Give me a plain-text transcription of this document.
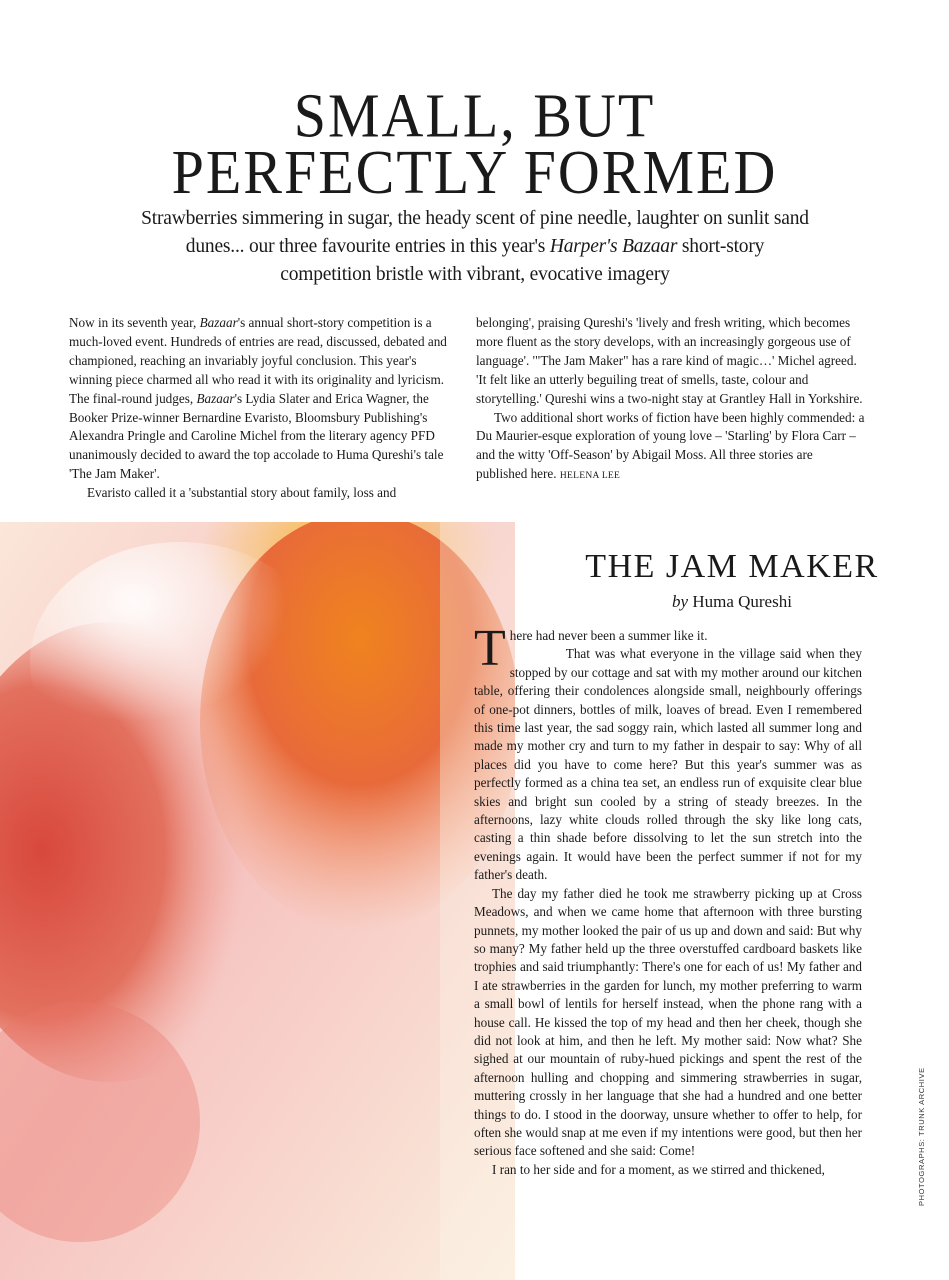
SMALL, BUT
PERFECTLY FORMED

Strawberries simmering in sugar, the heady scent of pine needle, laughter on sunlit sand dunes... our three favourite entries in this year's Harper's Bazaar short-story competition bristle with vibrant, evocative imagery

Now in its seventh year, Bazaar's annual short-story competition is a much-loved event. Hundreds of entries are read, discussed, debated and championed, reaching an invariably joyful conclusion. This year's winning piece charmed all who read it with its originality and lyricism. The final-round judges, Bazaar's Lydia Slater and Erica Wagner, the Booker Prize-winner Bernardine Evaristo, Bloomsbury Publishing's Alexandra Pringle and Caroline Michel from the literary agency PFD unanimously decided to award the top accolade to Huma Qureshi's tale 'The Jam Maker'.

Evaristo called it a 'substantial story about family, loss and

belonging', praising Qureshi's 'lively and fresh writing, which becomes more fluent as the story develops, with an increasingly gorgeous use of language'. '"The Jam Maker" has a rare kind of magic…' Michel agreed. 'It felt like an utterly beguiling treat of smells, taste, colour and storytelling.' Qureshi wins a two-night stay at Grantley Hall in Yorkshire.

Two additional short works of fiction have been highly commended: a Du Maurier-esque exploration of young love – 'Starling' by Flora Carr – and the witty 'Off-Season' by Abigail Moss. All three stories are published here. HELENA LEE

THE JAM MAKER

by Huma Qureshi

There had never been a summer like it.

That was what everyone in the village said when they stopped by our cottage and sat with my mother around our kitchen table, offering their condolences alongside small, neighbourly offerings of one-pot dinners, bottles of milk, loaves of bread. Even I remembered this time last year, the sad soggy rain, which lasted all summer long and made my mother cry and turn to my father in despair to say: Why of all places did you have to come here? But this year's summer was as perfectly formed as a china tea set, an endless run of exquisite clear blue skies and bright sun cooled by a string of steady breezes. In the afternoons, lazy white clouds rolled through the sky like long cats, casting a thin shade before dissolving to let the sun stretch into the evenings again. It would have been the perfect summer if not for my father's death.

The day my father died he took me strawberry picking up at Cross Meadows, and when we came home that afternoon with three bursting punnets, my mother looked the pair of us up and down and said: But why so many? My father held up the three overstuffed cardboard baskets like trophies and said triumphantly: There's one for each of us! My father and I ate strawberries in the garden for lunch, my mother preferring to warm a small bowl of lentils for herself instead, when the phone rang with a house call. He kissed the top of my head and then her cheek, though she did not look at him, and then he left. My mother said: Now what? She sighed at our mountain of ruby-hued pickings and spent the rest of the afternoon hulling and chopping and simmering strawberries in sugar, muttering crossly in her language that she had a hundred and one better things to do. I stood in the doorway, unsure whether to offer to help, for often she would snap at me even if my intentions were good, but then her serious face softened and she said: Come!

I ran to her side and for a moment, as we stirred and thickened,	PHOTOGRAPHS: TRUNK ARCHIVE
